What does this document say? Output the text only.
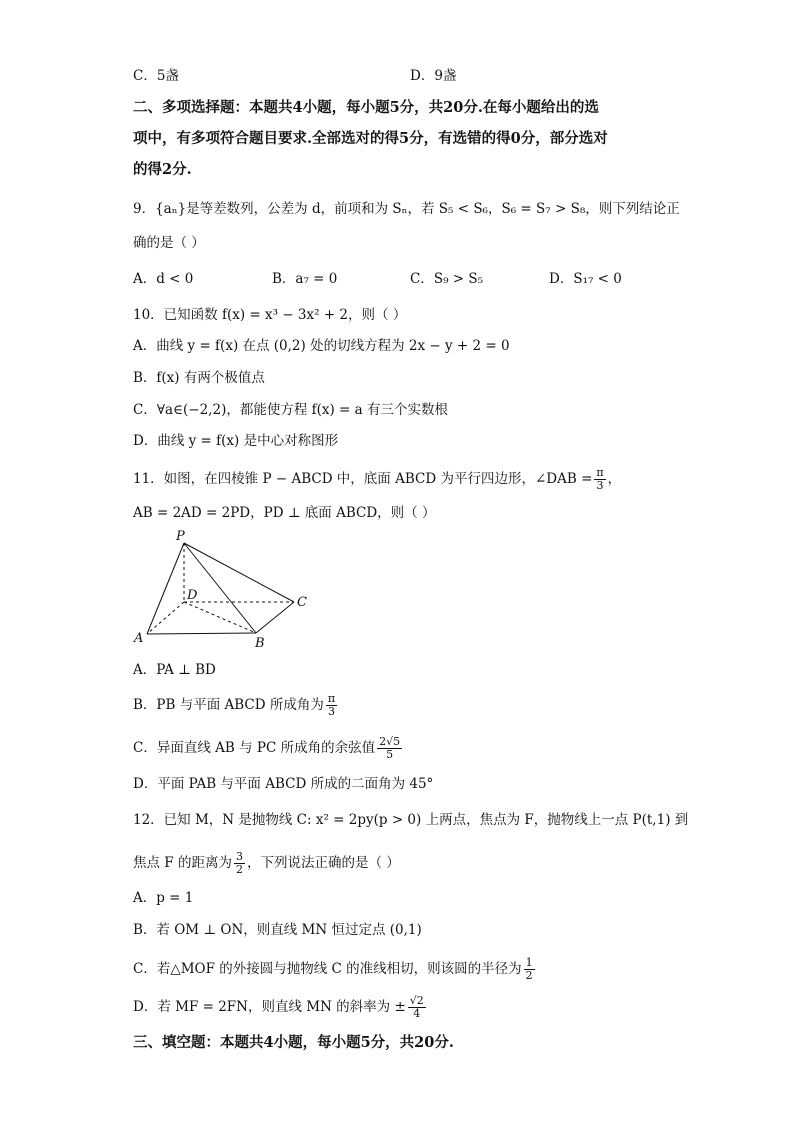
C．5盏	D．9盏
二、多项选择题：本题共4小题，每小题5分，共20分.在每小题给出的选
项中，有多项符合题目要求.全部选对的得5分，有选错的得0分，部分选对
的得2分.
9．{aₙ}是等差数列，公差为 d，前项和为 Sₙ，若 S₅ < S₆，S₆ = S₇ > S₈，则下列结论正
确的是（ ）
A．d < 0	B．a₇ = 0	C．S₉ > S₅	D．S₁₇ < 0
10．已知函数 f(x) = x³ − 3x² + 2，则（ ）
A．曲线 y = f(x) 在点 (0,2) 处的切线方程为 2x − y + 2 = 0
B．f(x) 有两个极值点
C．∀a∈(−2,2)，都能使方程 f(x) = a 有三个实数根
D．曲线 y = f(x) 是中心对称图形
11．如图，在四棱锥 P − ABCD 中，底面 ABCD 为平行四边形，∠DAB = $\frac{\pi}{3}$ ，
AB = 2AD = 2PD，PD ⊥ 底面 ABCD，则（ ）
P
D	C
A	B
A．PA ⊥ BD
B．PB 与平面 ABCD 所成角为 $\frac{\pi}{3}$
C．异面直线 AB 与 PC 所成角的余弦值 $\frac{2√5}{5}$
D．平面 PAB 与平面 ABCD 所成的二面角为 45°
12．已知 M，N 是抛物线 C: x² = 2py(p > 0) 上两点，焦点为 F，抛物线上一点 P(t,1) 到
焦点 F 的距离为 $\frac{3}{2}$ ，下列说法正确的是（ ）
A．p = 1
B．若 OM ⊥ ON，则直线 MN 恒过定点 (0,1)
C．若△MOF 的外接圆与抛物线 C 的准线相切，则该圆的半径为 $\frac{1}{2}$
D．若 MF = 2FN，则直线 MN 的斜率为 ± $\frac{√2}{4}$
三、填空题：本题共4小题，每小题5分，共20分.
